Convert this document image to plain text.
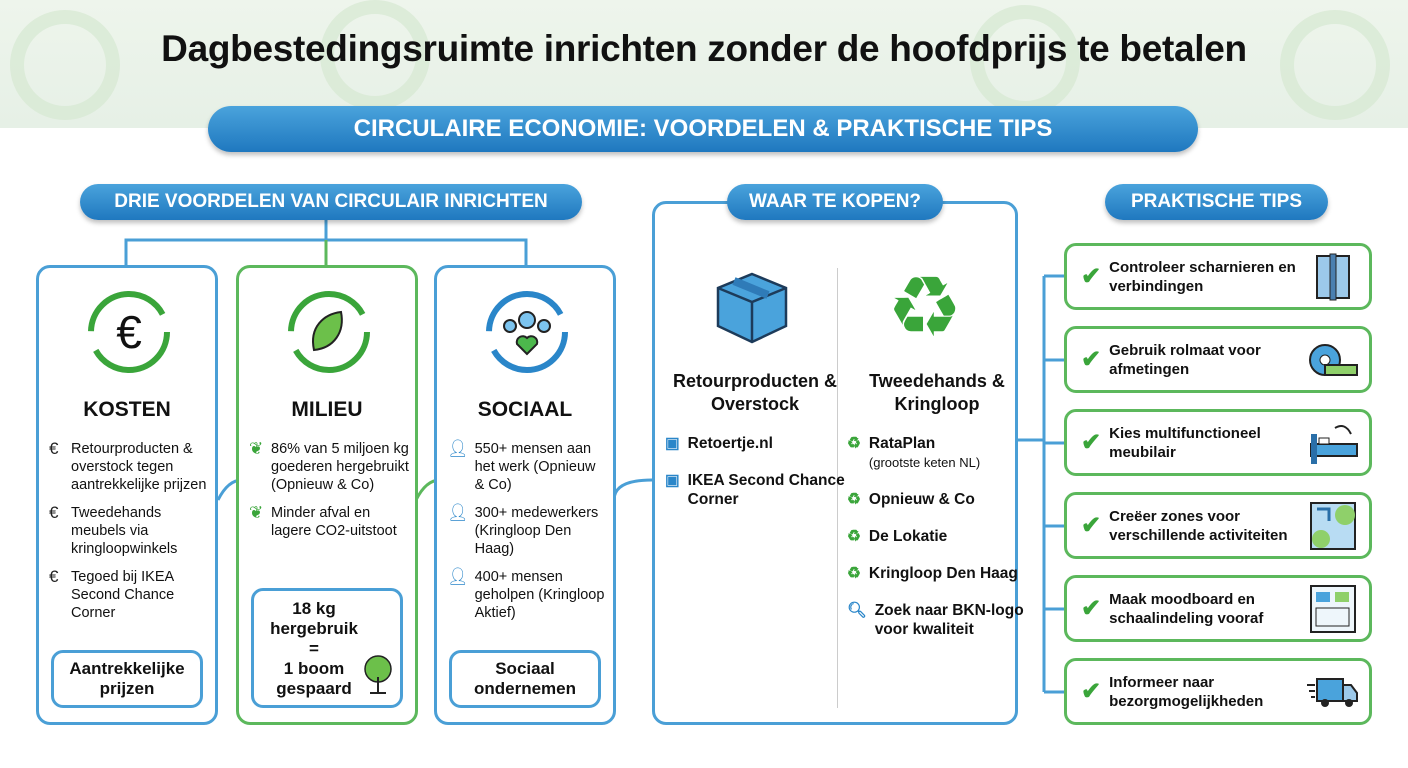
Dagbestedingsruimte inrichten zonder de hoofdprijs te betalen
CIRCULAIRE ECONOMIE: VOORDELEN & PRAKTISCHE TIPS
DRIE VOORDELEN VAN CIRCULAIR INRICHTEN
€
KOSTEN
€ Retourproducten & overstock tegen aantrekkelijke prijzen
€ Tweedehands meubels via kringloopwinkels
€ Tegoed bij IKEA Second Chance Corner
Aantrekkelijke prijzen
MILIEU
❦ 86% van 5 miljoen kg goederen hergebruikt (Opnieuw & Co)
❦ Minder afval en lagere CO2-uitstoot
18 kg
hergebruik
=
1 boom
gespaard
SOCIAAL
👤︎ 550+ mensen aan het werk (Opnieuw & Co)
👤︎ 300+ medewerkers (Kringloop Den Haag)
👤︎ 400+ mensen geholpen (Kringloop Aktief)
Sociaal ondernemen
Retourproducten & Overstock
▣ Retoertje.nl
▣ IKEA Second Chance Corner
♻
Tweedehands & Kringloop
♻ RataPlan
(grootste keten NL)
♻ Opnieuw & Co
♻ De Lokatie
♻ Kringloop Den Haag
🔍︎ Zoek naar BKN-logo voor kwaliteit
WAAR TE KOPEN?	PRAKTISCHE TIPS
✔ Controleer scharnieren en verbindingen
✔ Gebruik rolmaat voor afmetingen
✔ Kies multifunctioneel meubilair
✔ Creëer zones voor verschillende activiteiten
✔ Maak moodboard en schaalindeling vooraf
✔ Informeer naar bezorgmogelijkheden
